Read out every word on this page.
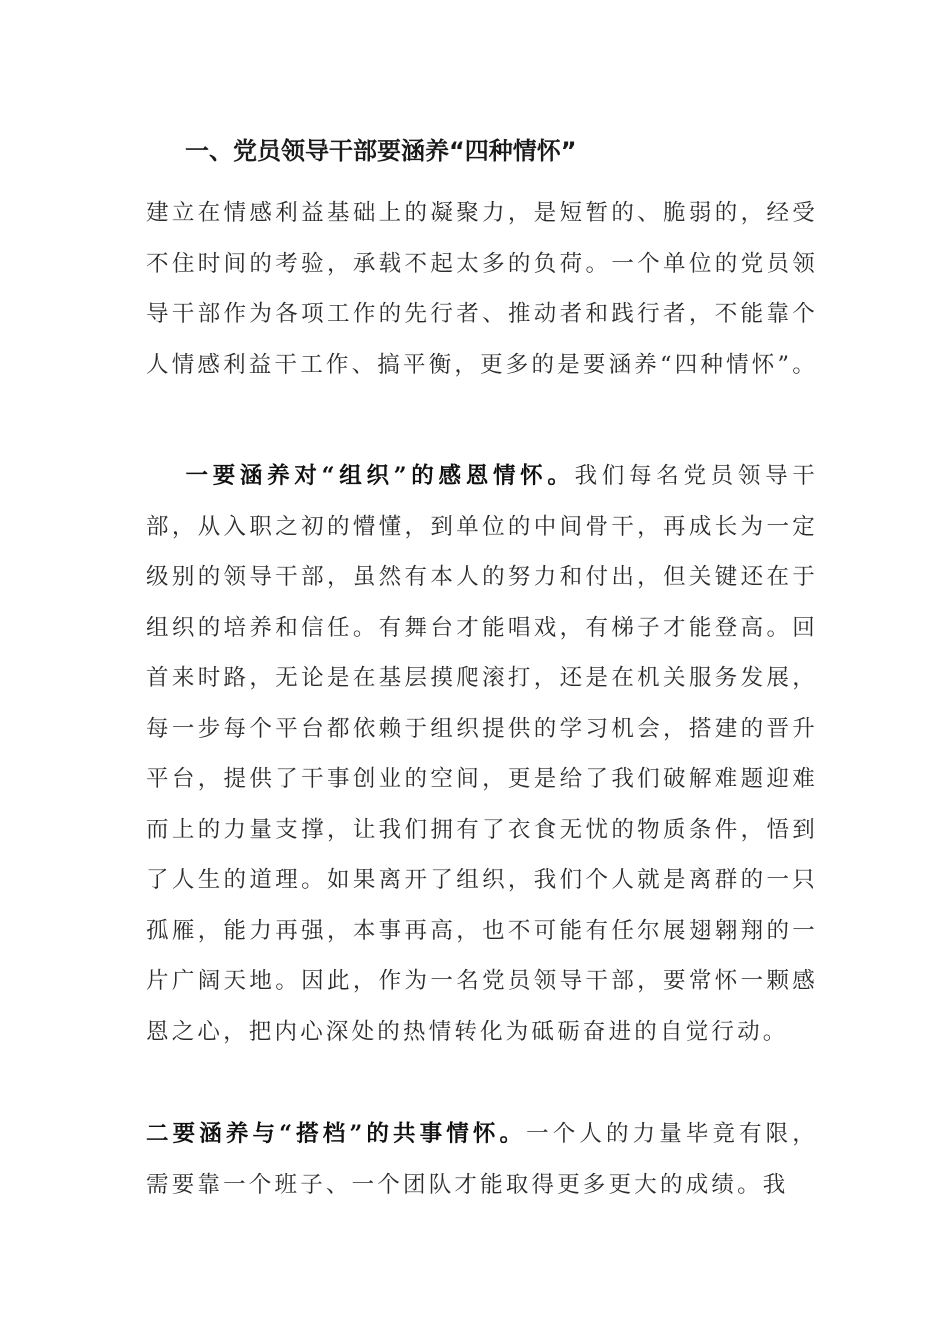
一、党员领导干部要涵养“四种情怀”

建立在情感利益基础上的凝聚力，是短暂的、脆弱的，经受不住时间的考验，承载不起太多的负荷。一个单位的党员领导干部作为各项工作的先行者、推动者和践行者，不能靠个人情感利益干工作、搞平衡，更多的是要涵养“四种情怀”。

一要涵养对“组织”的感恩情怀。我们每名党员领导干部，从入职之初的懵懂，到单位的中间骨干，再成长为一定级别的领导干部，虽然有本人的努力和付出，但关键还在于组织的培养和信任。有舞台才能唱戏，有梯子才能登高。回首来时路，无论是在基层摸爬滚打，还是在机关服务发展，每一步每个平台都依赖于组织提供的学习机会，搭建的晋升平台，提供了干事创业的空间，更是给了我们破解难题迎难而上的力量支撑，让我们拥有了衣食无忧的物质条件，悟到了人生的道理。如果离开了组织，我们个人就是离群的一只孤雁，能力再强，本事再高，也不可能有任尔展翅翱翔的一片广阔天地。因此，作为一名党员领导干部，要常怀一颗感恩之心，把内心深处的热情转化为砥砺奋进的自觉行动。

二要涵养与“搭档”的共事情怀。一个人的力量毕竟有限，需要靠一个班子、一个团队才能取得更多更大的成绩。我
